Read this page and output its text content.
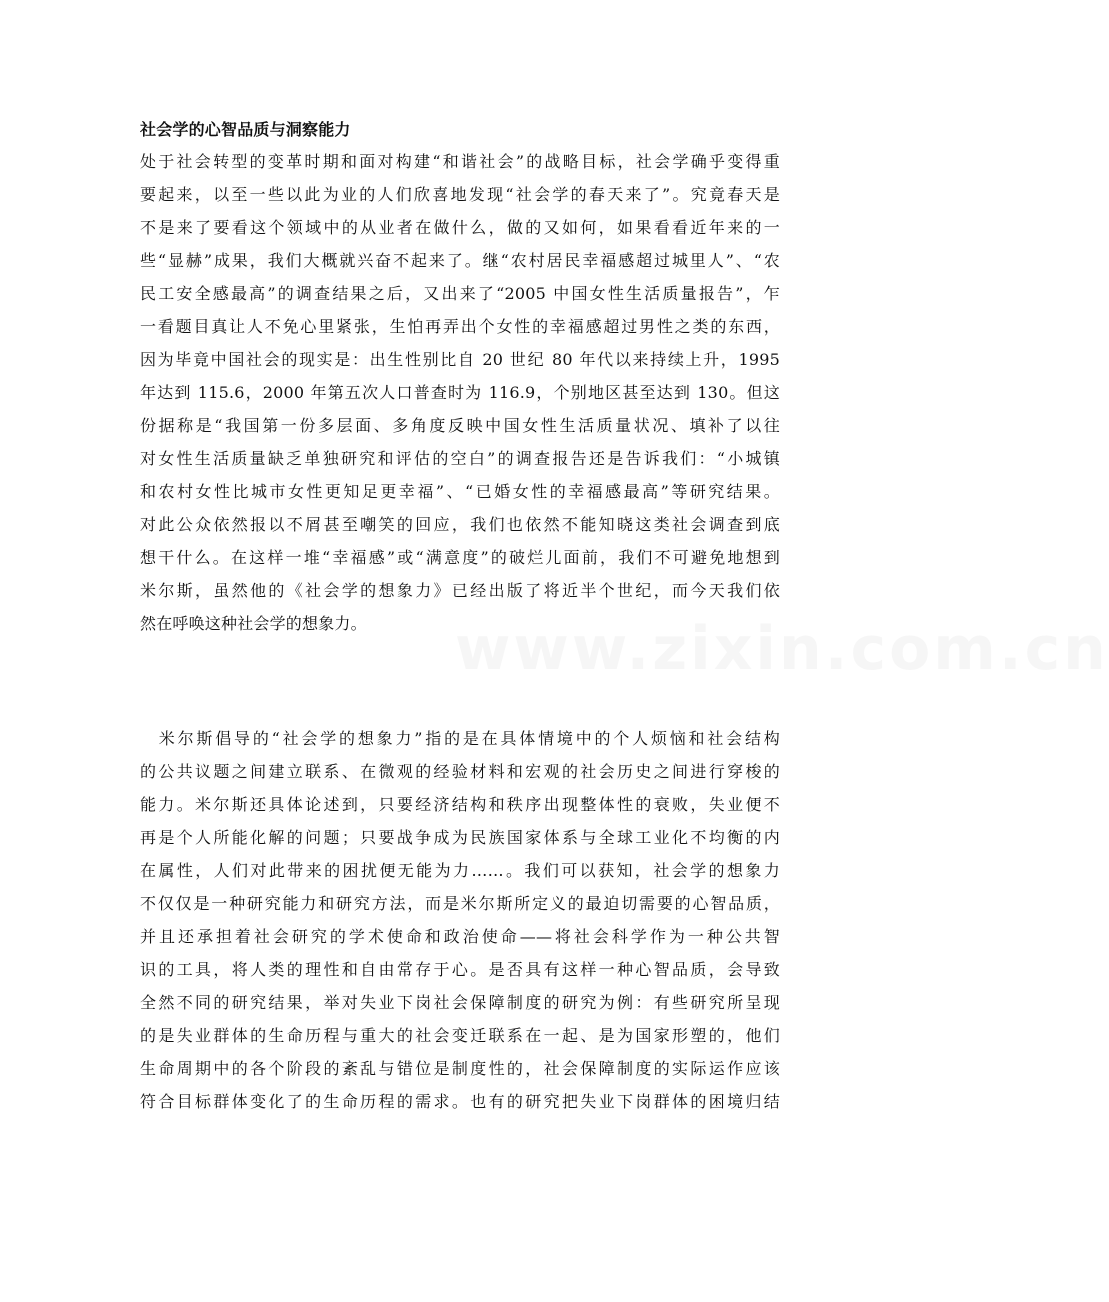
社会学的心智品质与洞察能力
www.zixin.com.cn
处于社会转型的变革时期和面对构建“和谐社会”的战略目标，社会学确乎变得重
要起来，以至一些以此为业的人们欣喜地发现“社会学的春天来了”。究竟春天是
不是来了要看这个领域中的从业者在做什么，做的又如何，如果看看近年来的一
些“显赫”成果，我们大概就兴奋不起来了。继“农村居民幸福感超过城里人”、“农
民工安全感最高”的调查结果之后，又出来了“2005 中国女性生活质量报告”，乍
一看题目真让人不免心里紧张，生怕再弄出个女性的幸福感超过男性之类的东西，
因为毕竟中国社会的现实是：出生性别比自 20 世纪 80 年代以来持续上升，1995
年达到 115.6，2000 年第五次人口普查时为 116.9，个别地区甚至达到 130。但这
份据称是“我国第一份多层面、多角度反映中国女性生活质量状况、填补了以往
对女性生活质量缺乏单独研究和评估的空白”的调查报告还是告诉我们：“小城镇
和农村女性比城市女性更知足更幸福”、“已婚女性的幸福感最高”等研究结果。
对此公众依然报以不屑甚至嘲笑的回应，我们也依然不能知晓这类社会调查到底
想干什么。在这样一堆“幸福感”或“满意度”的破烂儿面前，我们不可避免地想到
米尔斯，虽然他的《社会学的想象力》已经出版了将近半个世纪，而今天我们依
然在呼唤这种社会学的想象力。
　米尔斯倡导的“社会学的想象力”指的是在具体情境中的个人烦恼和社会结构
的公共议题之间建立联系、在微观的经验材料和宏观的社会历史之间进行穿梭的
能力。米尔斯还具体论述到，只要经济结构和秩序出现整体性的衰败，失业便不
再是个人所能化解的问题；只要战争成为民族国家体系与全球工业化不均衡的内
在属性，人们对此带来的困扰便无能为力……。我们可以获知，社会学的想象力
不仅仅是一种研究能力和研究方法，而是米尔斯所定义的最迫切需要的心智品质，
并且还承担着社会研究的学术使命和政治使命——将社会科学作为一种公共智
识的工具，将人类的理性和自由常存于心。是否具有这样一种心智品质，会导致
全然不同的研究结果，举对失业下岗社会保障制度的研究为例：有些研究所呈现
的是失业群体的生命历程与重大的社会变迁联系在一起、是为国家形塑的，他们
生命周期中的各个阶段的紊乱与错位是制度性的，社会保障制度的实际运作应该
符合目标群体变化了的生命历程的需求。也有的研究把失业下岗群体的困境归结
